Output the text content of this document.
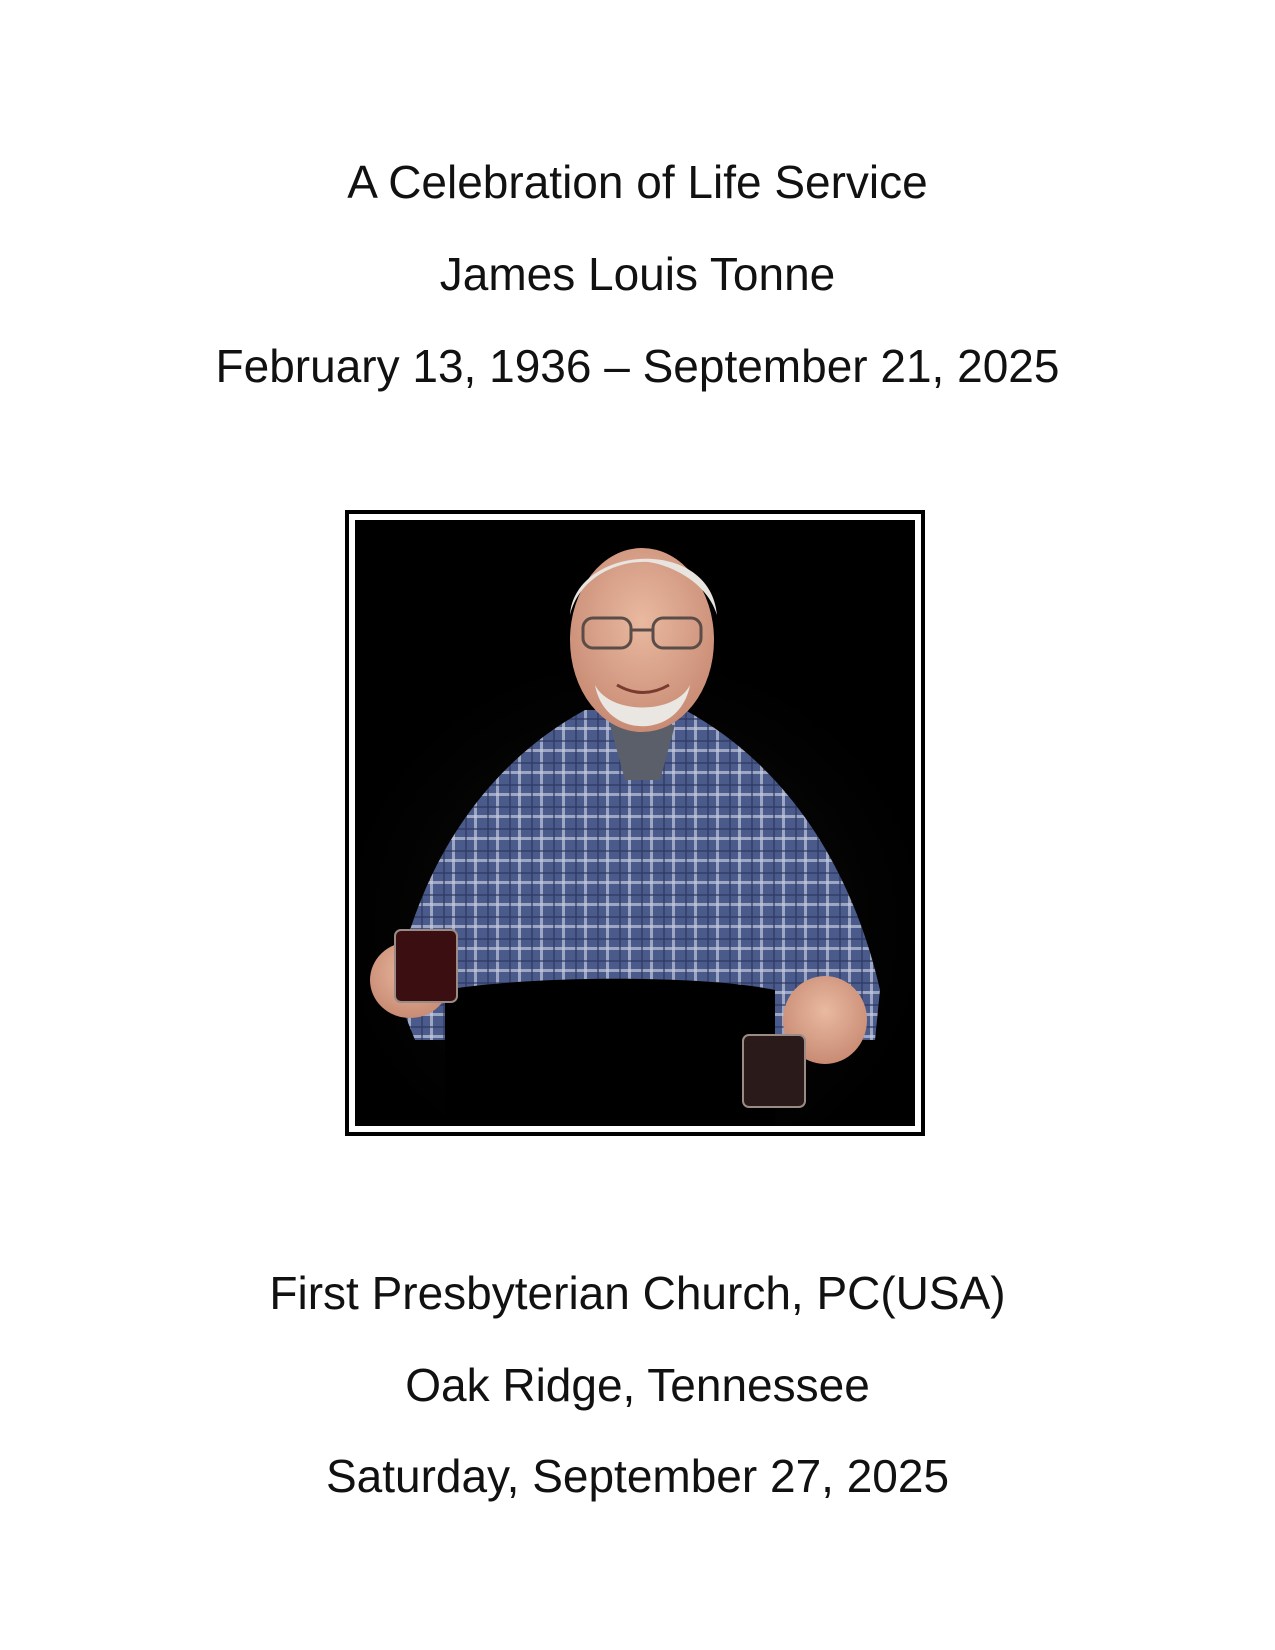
A Celebration of Life Service
James Louis Tonne
February 13, 1936 – September 21, 2025
First Presbyterian Church, PC(USA)
Oak Ridge, Tennessee
Saturday, September 27, 2025
